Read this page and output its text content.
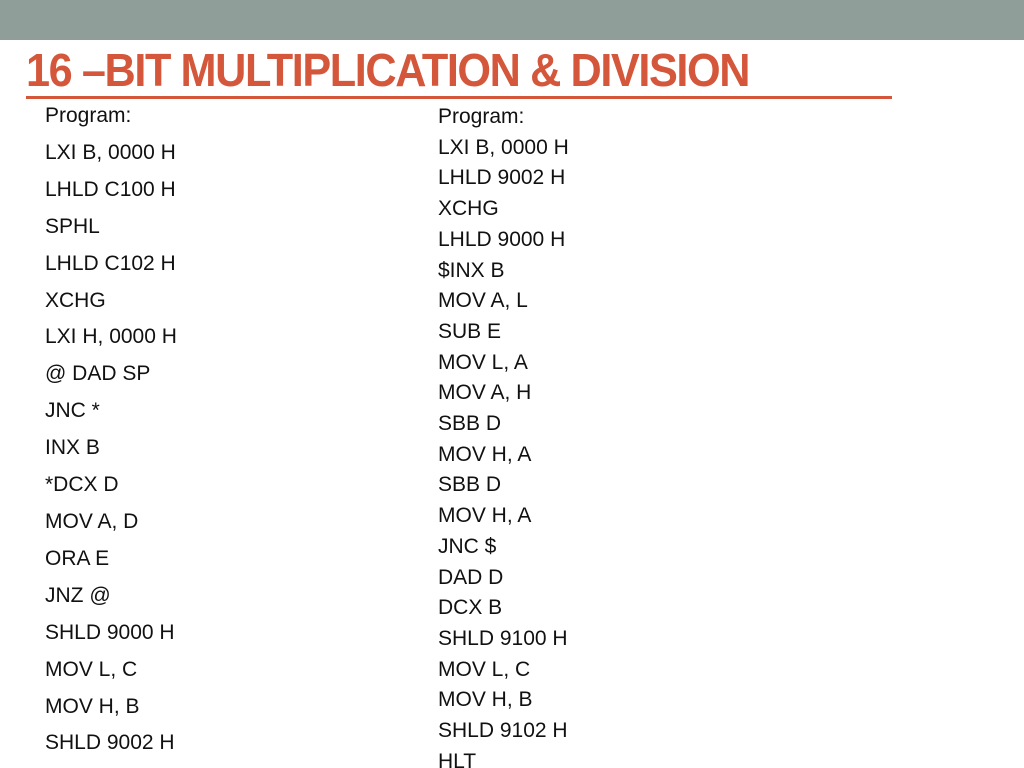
16 –BIT MULTIPLICATION & DIVISION
Program:
LXI B, 0000 H
LHLD C100 H
SPHL
LHLD C102 H
XCHG
LXI H, 0000 H
@ DAD SP
JNC *
INX B
*DCX D
MOV A, D
ORA E
JNZ @
SHLD 9000 H
MOV L, C
MOV H, B
SHLD 9002 H
Program:
LXI B, 0000 H
LHLD 9002 H
XCHG
LHLD 9000 H
$INX B
MOV A, L
SUB E
MOV L, A
MOV A, H
SBB D
MOV H, A
SBB D
MOV H, A
JNC $
DAD D
DCX B
SHLD 9100 H
MOV L, C
MOV H, B
SHLD 9102 H
HLT
